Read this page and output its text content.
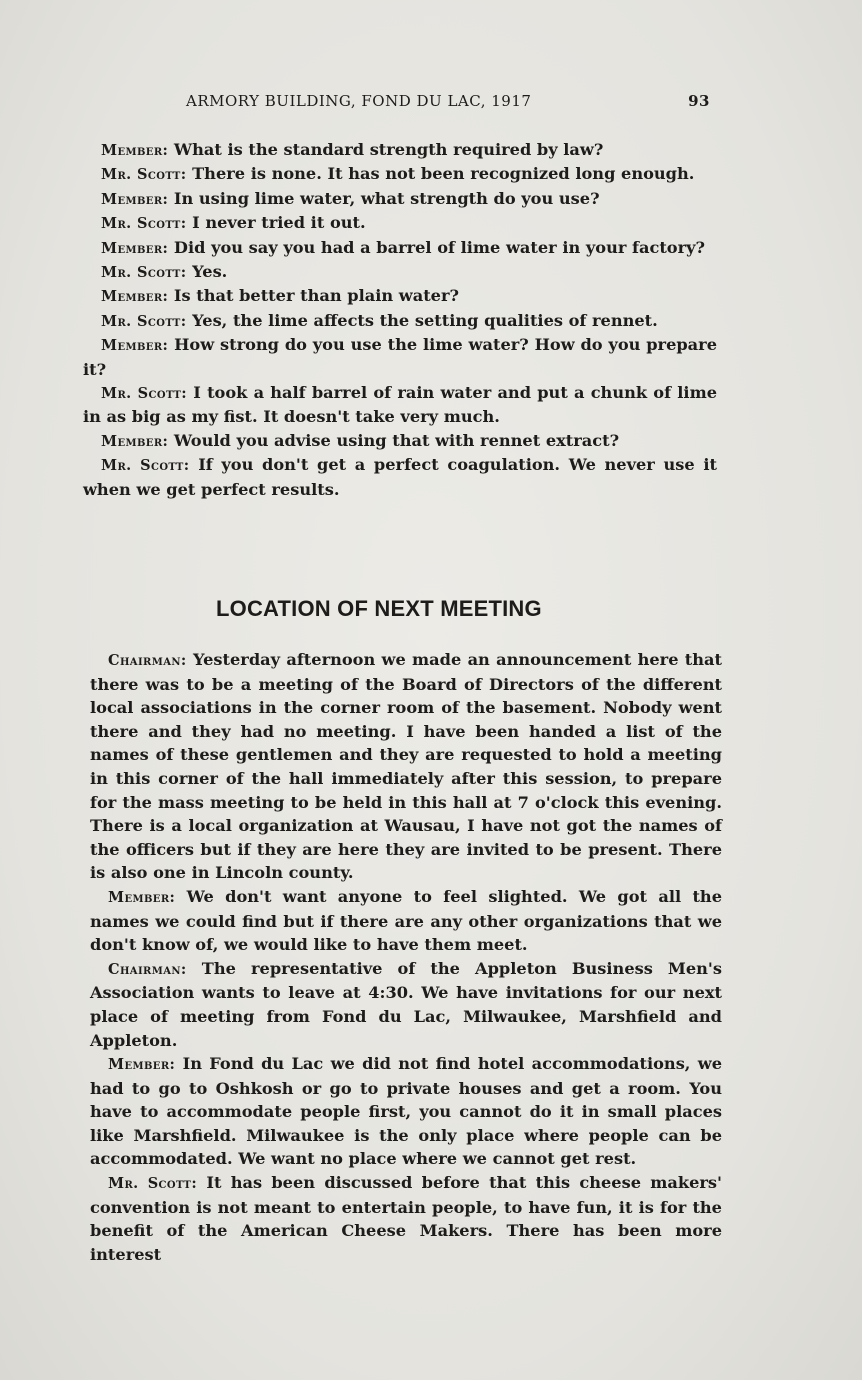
ARMORY BUILDING, FOND DU LAC, 1917	93

Member: What is the standard strength required by law?

Mr. Scott: There is none. It has not been recognized long enough.

Member: In using lime water, what strength do you use?

Mr. Scott: I never tried it out.

Member: Did you say you had a barrel of lime water in your factory?

Mr. Scott: Yes.

Member: Is that better than plain water?

Mr. Scott: Yes, the lime affects the setting qualities of rennet.

Member: How strong do you use the lime water? How do you prepare it?

Mr. Scott: I took a half barrel of rain water and put a chunk of lime in as big as my fist. It doesn't take very much.

Member: Would you advise using that with rennet extract?

Mr. Scott: If you don't get a perfect coagulation. We never use it when we get perfect results.

LOCATION OF NEXT MEETING

Chairman: Yesterday afternoon we made an announcement here that there was to be a meeting of the Board of Directors of the different local associations in the corner room of the basement. Nobody went there and they had no meeting. I have been handed a list of the names of these gentlemen and they are requested to hold a meeting in this corner of the hall immediately after this session, to prepare for the mass meeting to be held in this hall at 7 o'clock this evening. There is a local organization at Wausau, I have not got the names of the officers but if they are here they are invited to be present. There is also one in Lincoln county.

Member: We don't want anyone to feel slighted. We got all the names we could find but if there are any other organizations that we don't know of, we would like to have them meet.

Chairman: The representative of the Appleton Business Men's Association wants to leave at 4:30. We have invitations for our next place of meeting from Fond du Lac, Milwaukee, Marshfield and Appleton.

Member: In Fond du Lac we did not find hotel accommodations, we had to go to Oshkosh or go to private houses and get a room. You have to accommodate people first, you cannot do it in small places like Marshfield. Milwaukee is the only place where people can be accommodated. We want no place where we cannot get rest.

Mr. Scott: It has been discussed before that this cheese makers' convention is not meant to entertain people, to have fun, it is for the benefit of the American Cheese Makers. There has been more interest
